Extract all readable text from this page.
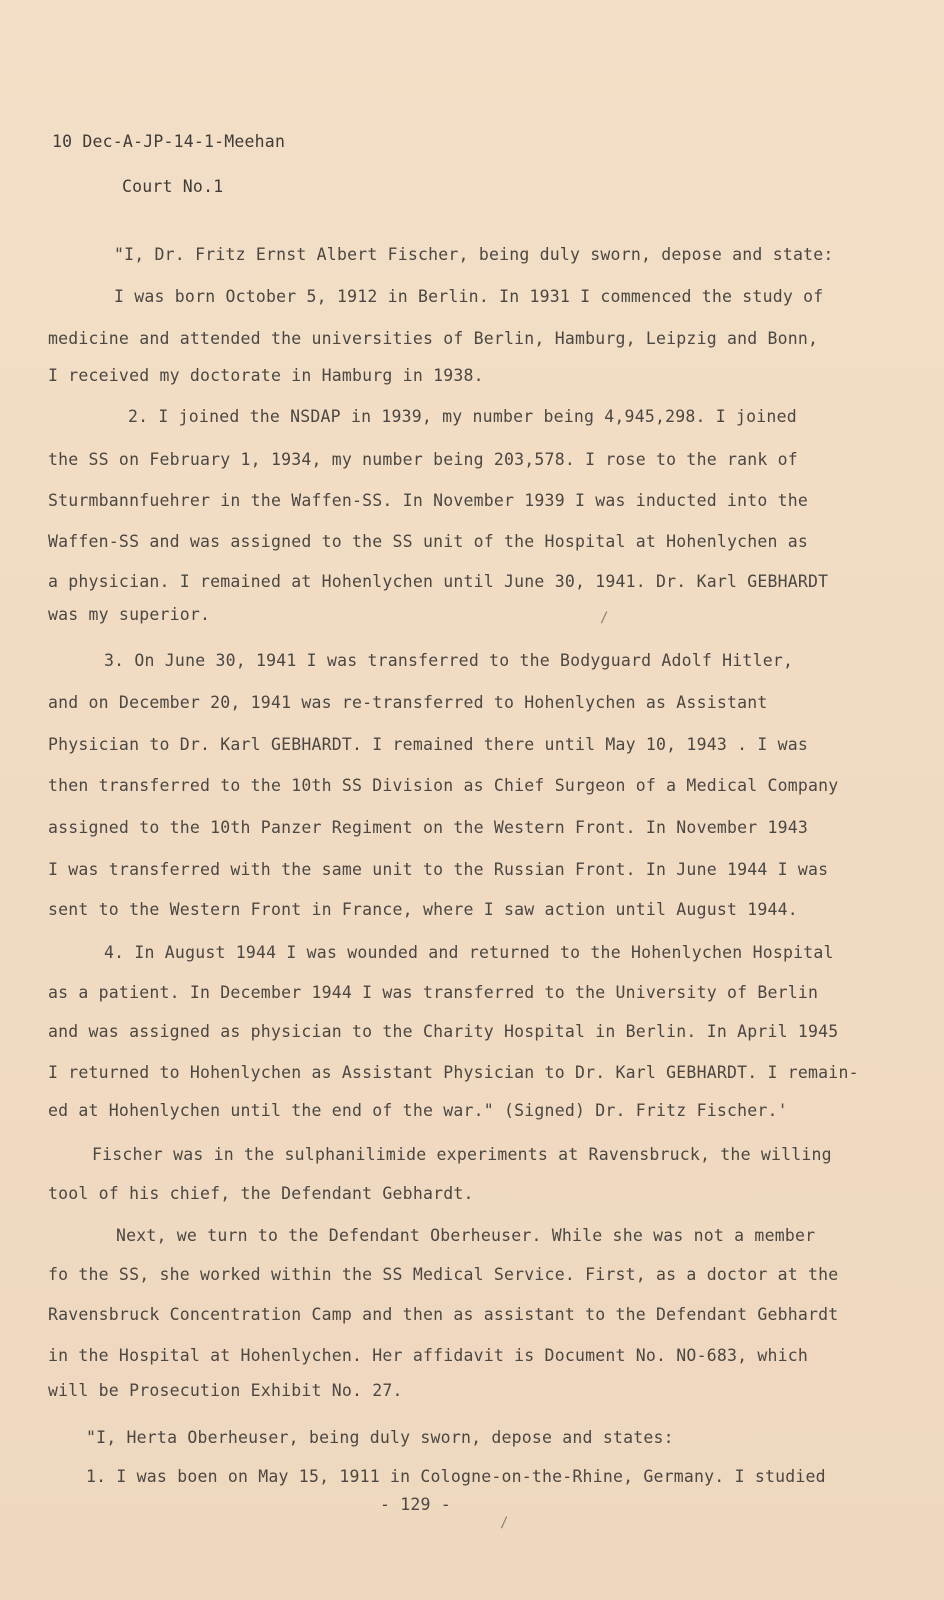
10 Dec-A-JP-14-1-Meehan
Court No.1
"I, Dr. Fritz Ernst Albert Fischer, being duly sworn, depose and state:
I was born October 5, 1912 in Berlin. In 1931 I commenced the study of
medicine and attended the universities of Berlin, Hamburg, Leipzig and Bonn,
I received my doctorate in Hamburg in 1938.
2. I joined the NSDAP in 1939, my number being 4,945,298. I joined
the SS on February 1, 1934, my number being 203,578. I rose to the rank of
Sturmbannfuehrer in the Waffen-SS. In November 1939 I was inducted into the
Waffen-SS and was assigned to the SS unit of the Hospital at Hohenlychen as
a physician. I remained at Hohenlychen until June 30, 1941. Dr. Karl GEBHARDT
was my superior.
3. On June 30, 1941 I was transferred to the Bodyguard Adolf Hitler,
and on December 20, 1941 was re-transferred to Hohenlychen as Assistant
Physician to Dr. Karl GEBHARDT. I remained there until May 10, 1943 . I was
then transferred to the 10th SS Division as Chief Surgeon of a Medical Company
assigned to the 10th Panzer Regiment on the Western Front. In November 1943
I was transferred with the same unit to the Russian Front. In June 1944 I was
sent to the Western Front in France, where I saw action until August 1944.
4. In August 1944 I was wounded and returned to the Hohenlychen Hospital
as a patient. In December 1944 I was transferred to the University of Berlin
and was assigned as physician to the Charity Hospital in Berlin. In April 1945
I returned to Hohenlychen as Assistant Physician to Dr. Karl GEBHARDT. I remain-
ed at Hohenlychen until the end of the war." (Signed) Dr. Fritz Fischer.'
Fischer was in the sulphanilimide experiments at Ravensbruck, the willing
tool of his chief, the Defendant Gebhardt.
Next, we turn to the Defendant Oberheuser. While she was not a member
fo the SS, she worked within the SS Medical Service. First, as a doctor at the
Ravensbruck Concentration Camp and then as assistant to the Defendant Gebhardt
in the Hospital at Hohenlychen. Her affidavit is Document No. NO-683, which
will be Prosecution Exhibit No. 27.
"I, Herta Oberheuser, being duly sworn, depose and states:
1. I was boen on May 15, 1911 in Cologne-on-the-Rhine, Germany. I studied
- 129 -
/
/
